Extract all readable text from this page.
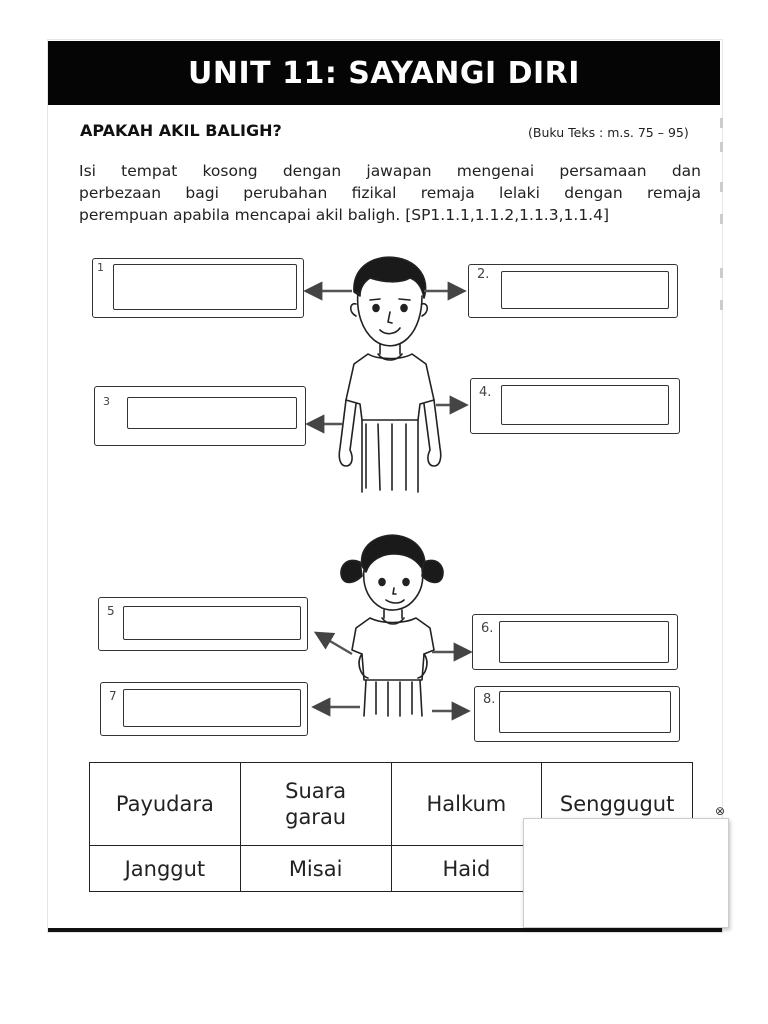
UNIT 11: SAYANGI DIRI
APAKAH AKIL BALIGH?	(Buku Teks : m.s. 75 – 95)
Isi tempat kosong dengan jawapan mengenai persamaan dan
perbezaan bagi perubahan fizikal remaja lelaki dengan remaja
perempuan apabila mencapai akil baligh. [SP1.1.1,1.1.2,1.1.3,1.1.4]
1	2.
3
4.
5
6.
7	8.
Payudara	Suara garau	Halkum	Senggugut
Janggut	Misai	Haid	
⊗
